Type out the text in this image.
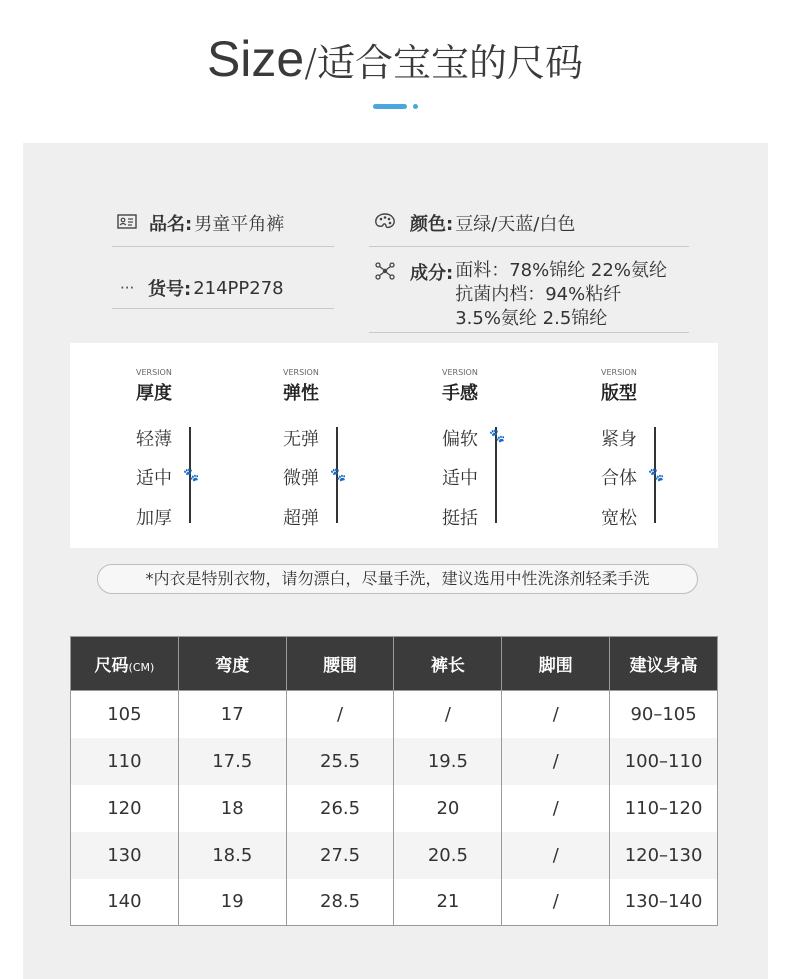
Size/适合宝宝的尺码
品名: 男童平角裤	颜色: 豆绿/天蓝/白色
··· 货号: 214PP278
成分: 面料：78%锦纶 22%氨纶
抗菌内档：94%粘纤
3.5%氨纶 2.5锦纶
VERSION
厚度
轻薄
适中
加厚
🐾
VERSION
弹性
无弹
微弹
超弹
🐾
VERSION
手感
偏软
适中
挺括
🐾
VERSION
版型
紧身
合体
宽松
🐾
*内衣是特别衣物，请勿漂白，尽量手洗，建议选用中性洗涤剂轻柔手洗
尺码(CM)	弯度	腰围	裤长	脚围	建议身高
105	17	/	/	/	90–105
110	17.5	25.5	19.5	/	100–110
120	18	26.5	20	/	110–120
130	18.5	27.5	20.5	/	120–130
140	19	28.5	21	/	130–140
